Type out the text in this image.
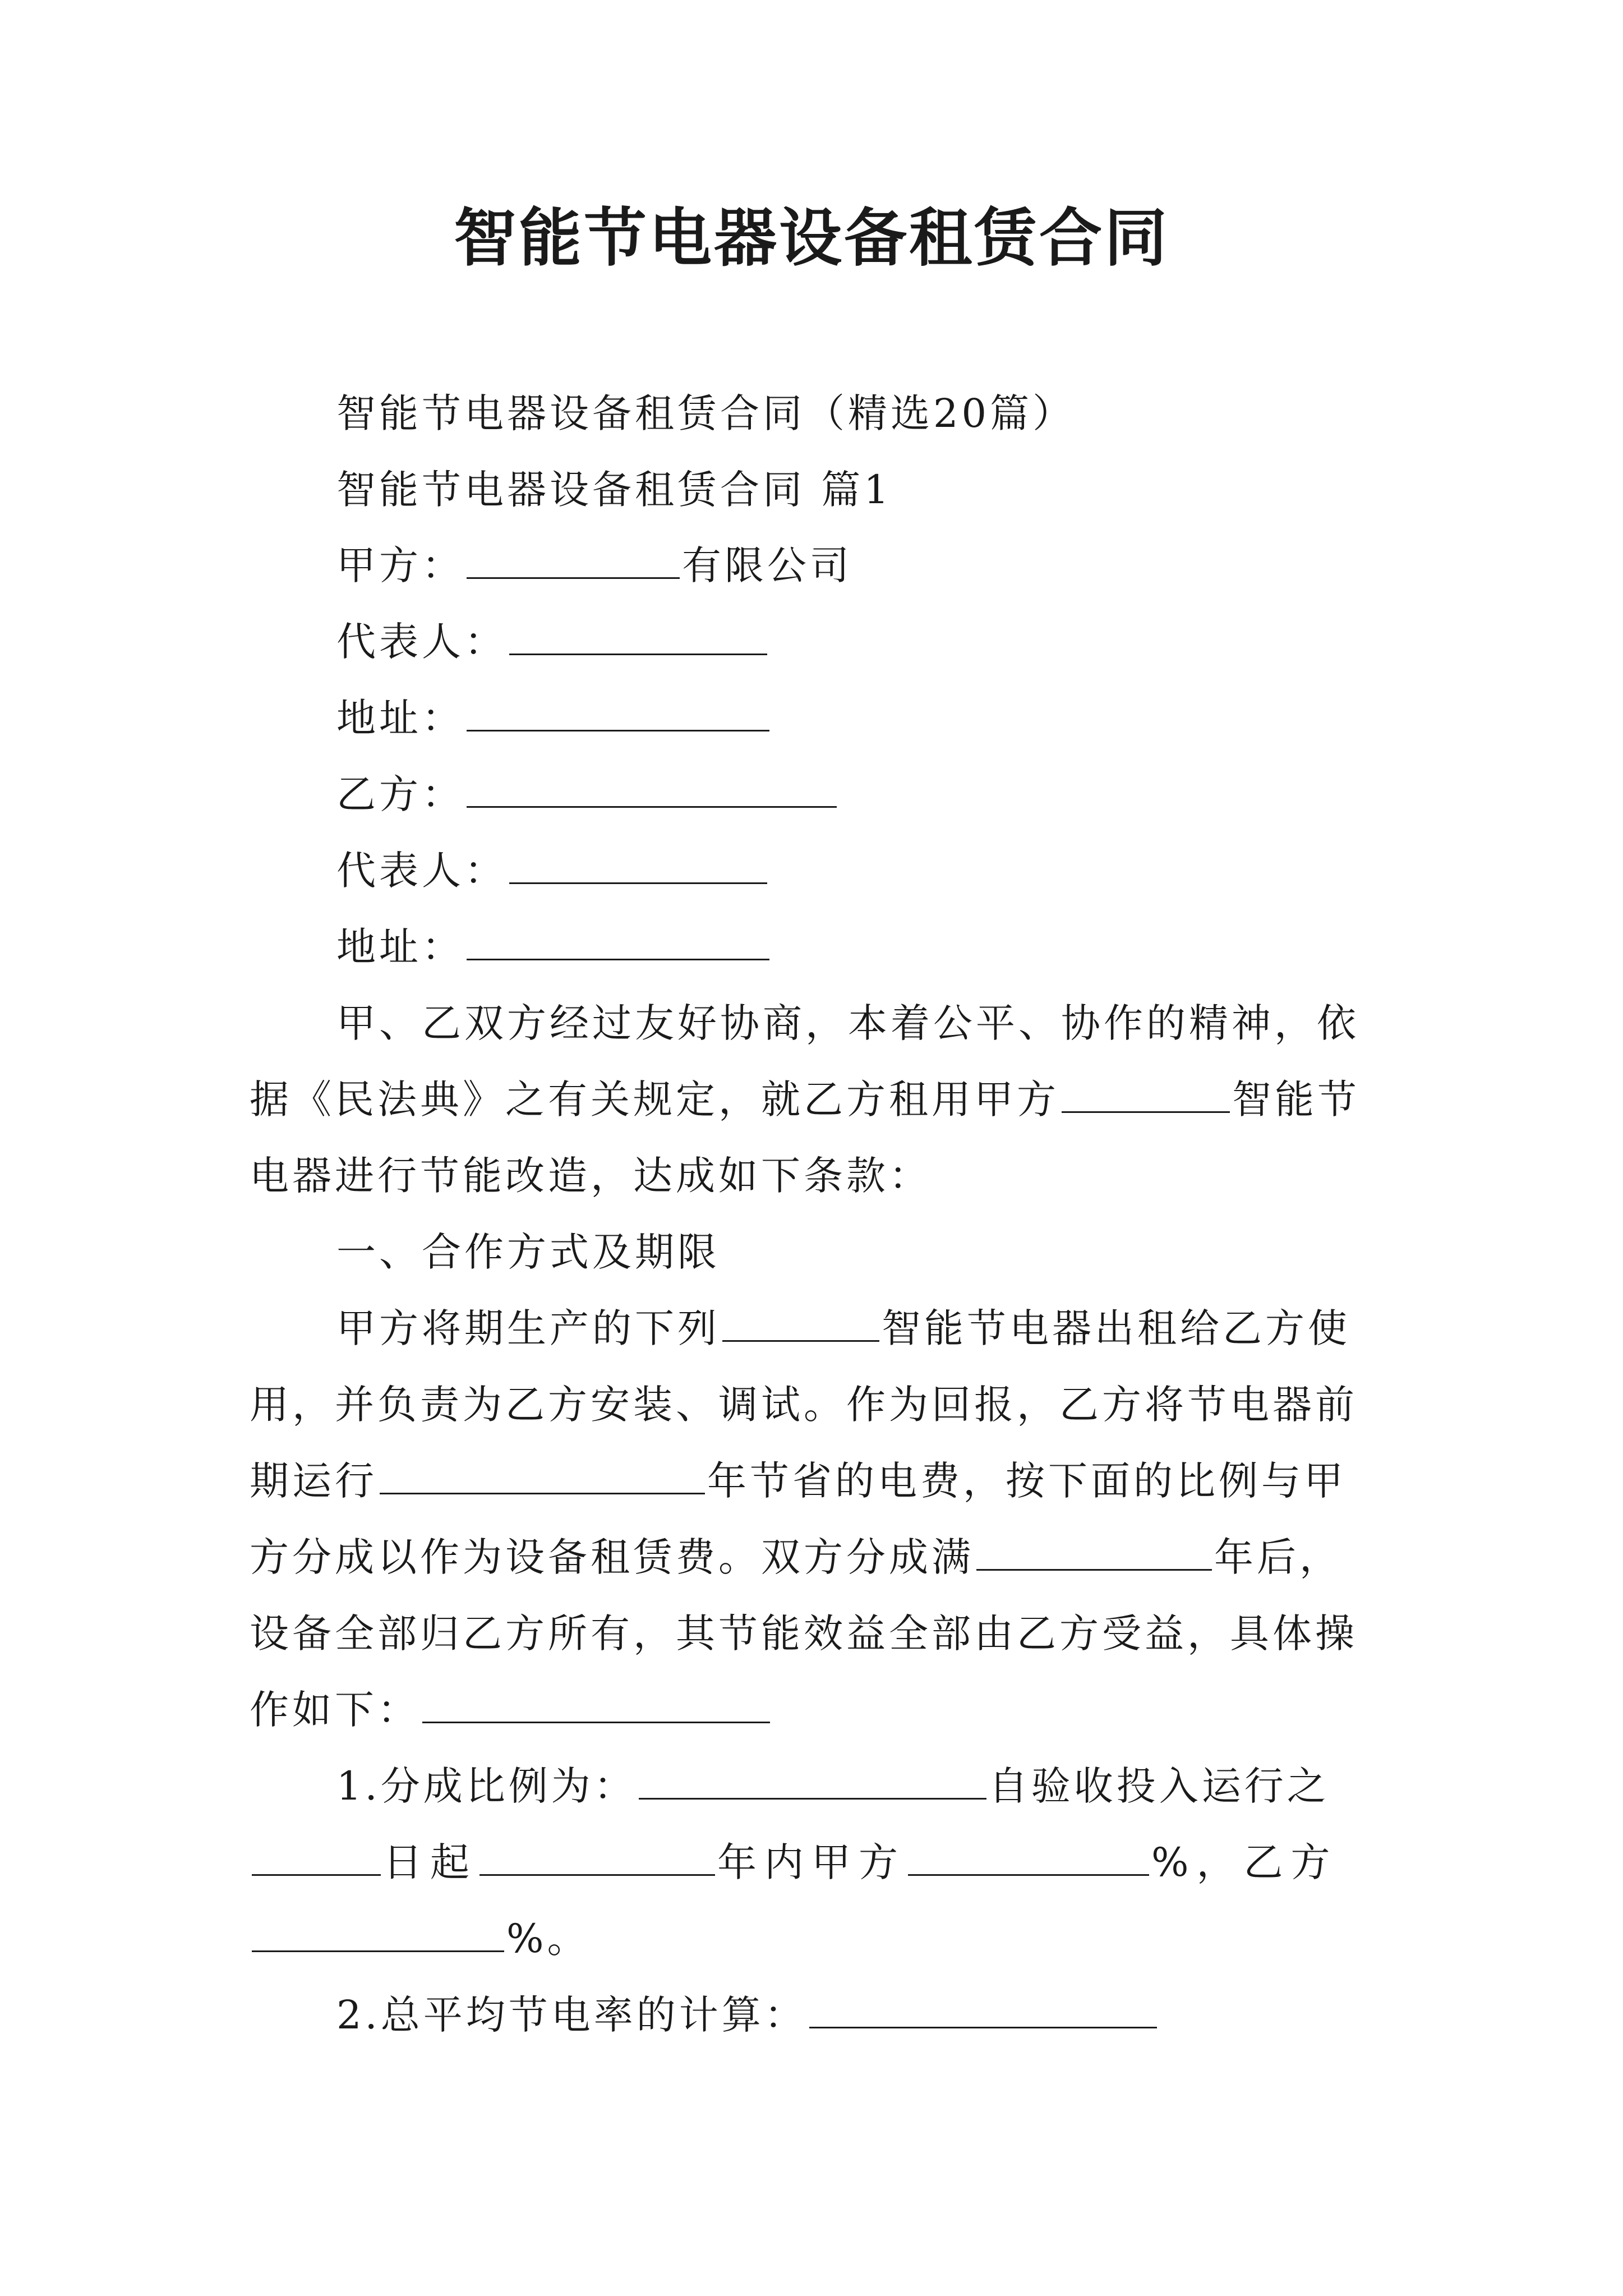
智能节电器设备租赁合同
智能节电器设备租赁合同（精选20篇）
智能节电器设备租赁合同 篇1
甲方：	有限公司
代表人：
地址：
乙方：
代表人：
地址：
甲、乙双方经过友好协商，本着公平、协作的精神，依
据《民法典》之有关规定，就乙方租用甲方	智能节
电器进行节能改造，达成如下条款：
一、合作方式及期限
甲方将期生产的下列	智能节电器出租给乙方使
用，并负责为乙方安装、调试。作为回报，乙方将节电器前
期运行	年节省的电费，按下面的比例与甲
方分成以作为设备租赁费。双方分成满	年后，
设备全部归乙方所有，其节能效益全部由乙方受益，具体操
作如下：
1.分成比例为：	自验收投入运行之
日起	年内甲方	%，乙方
%。
2.总平均节电率的计算：
